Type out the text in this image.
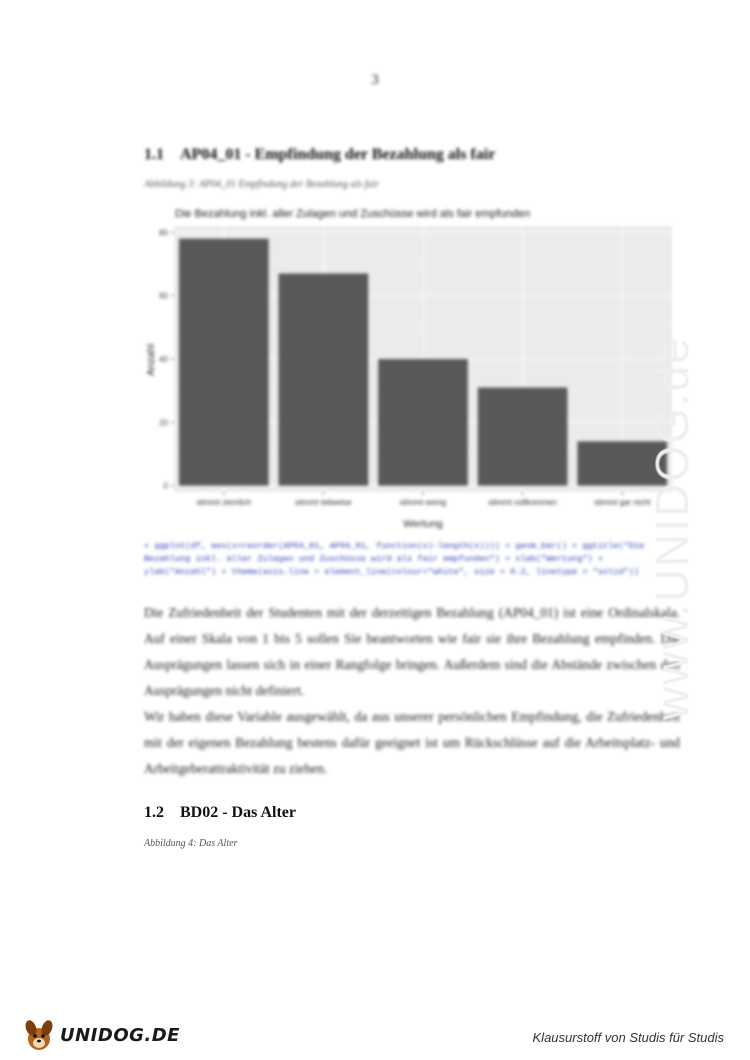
3
1.1 AP04_01 - Empfindung der Bezahlung als fair
Abbildung 3: AP04_01 Empfindung der Bezahlung als fair
Die Bezahlung inkl. aller Zulagen und Zuschüsse wird als fair empfunden
0
20
40
60
80
stimmt ziemlich	stimmt teilweise	stimmt wenig	stimmt vollkommen	stimmt gar nicht
Wertung
Anzahl
+ ggplot(df, aes(x=reorder(AP04_01, AP04_01, function(x)-length(x)))) + geom_bar() + ggtitle("Die Bezahlung inkl. aller Zulagen und Zuschüsse wird als fair empfunden") + xlab("Wertung") + ylab("Anzahl") + theme(axis.line = element_line(colour="white", size = 0.2, linetype = "solid"))

Die Zufriedenheit der Studenten mit der derzeitigen Bezahlung (AP04_01) ist eine Ordinalskala. Auf einer Skala von 1 bis 5 sollen Sie beantworten wie fair sie ihre Bezahlung empfinden. Die Ausprägungen lassen sich in einer Rangfolge bringen. Außerdem sind die Abstände zwischen den Ausprägungen nicht definiert.

Wir haben diese Variable ausgewählt, da aus unserer persönlichen Empfindung, die Zufriedenheit mit der eigenen Bezahlung bestens dafür geeignet ist um Rückschlüsse auf die Arbeitsplatz- und Arbeitgeberattraktivität zu ziehen.

1.2 BD02 - Das Alter
Abbildung 4: Das Alter
www.UNIDOG.de
UNIDOG.DE	Klausurstoff von Studis für Studis
